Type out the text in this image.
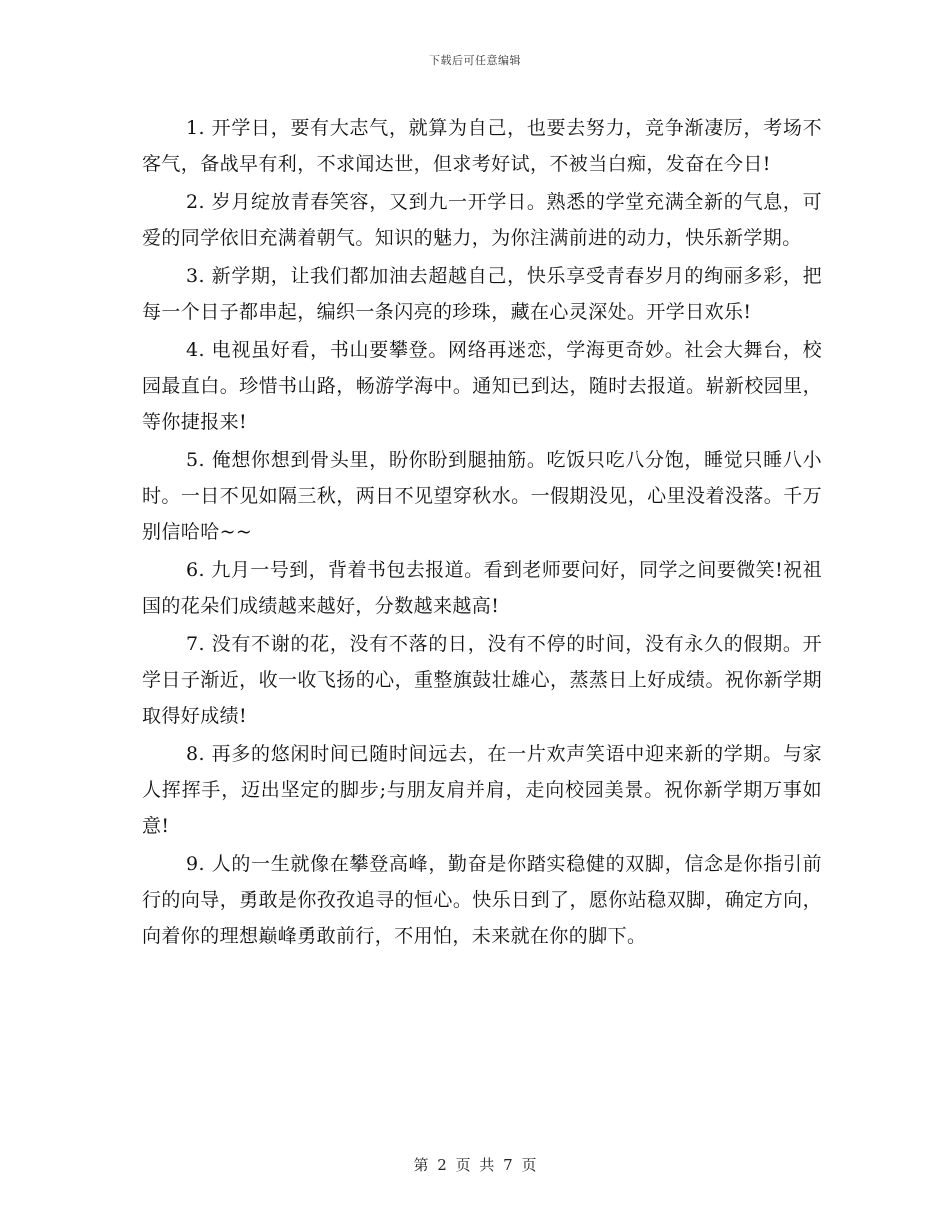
下载后可任意编辑

1. 开学日，要有大志气，就算为自己，也要去努力，竞争渐凄厉，考场不客气，备战早有利，不求闻达世，但求考好试，不被当白痴，发奋在今日!

2. 岁月绽放青春笑容，又到九一开学日。熟悉的学堂充满全新的气息，可爱的同学依旧充满着朝气。知识的魅力，为你注满前进的动力，快乐新学期。

3. 新学期，让我们都加油去超越自己，快乐享受青春岁月的绚丽多彩，把每一个日子都串起，编织一条闪亮的珍珠，藏在心灵深处。开学日欢乐!

4. 电视虽好看，书山要攀登。网络再迷恋，学海更奇妙。社会大舞台，校园最直白。珍惜书山路，畅游学海中。通知已到达，随时去报道。崭新校园里，等你捷报来!

5. 俺想你想到骨头里，盼你盼到腿抽筋。吃饭只吃八分饱，睡觉只睡八小时。一日不见如隔三秋，两日不见望穿秋水。一假期没见，心里没着没落。千万别信哈哈~~

6. 九月一号到，背着书包去报道。看到老师要问好，同学之间要微笑!祝祖国的花朵们成绩越来越好，分数越来越高!

7. 没有不谢的花，没有不落的日，没有不停的时间，没有永久的假期。开学日子渐近，收一收飞扬的心，重整旗鼓壮雄心，蒸蒸日上好成绩。祝你新学期取得好成绩!

8. 再多的悠闲时间已随时间远去，在一片欢声笑语中迎来新的学期。与家人挥挥手，迈出坚定的脚步;与朋友肩并肩，走向校园美景。祝你新学期万事如意!

9. 人的一生就像在攀登高峰，勤奋是你踏实稳健的双脚，信念是你指引前行的向导，勇敢是你孜孜追寻的恒心。快乐日到了，愿你站稳双脚，确定方向，向着你的理想巅峰勇敢前行，不用怕，未来就在你的脚下。

第 2 页 共 7 页
